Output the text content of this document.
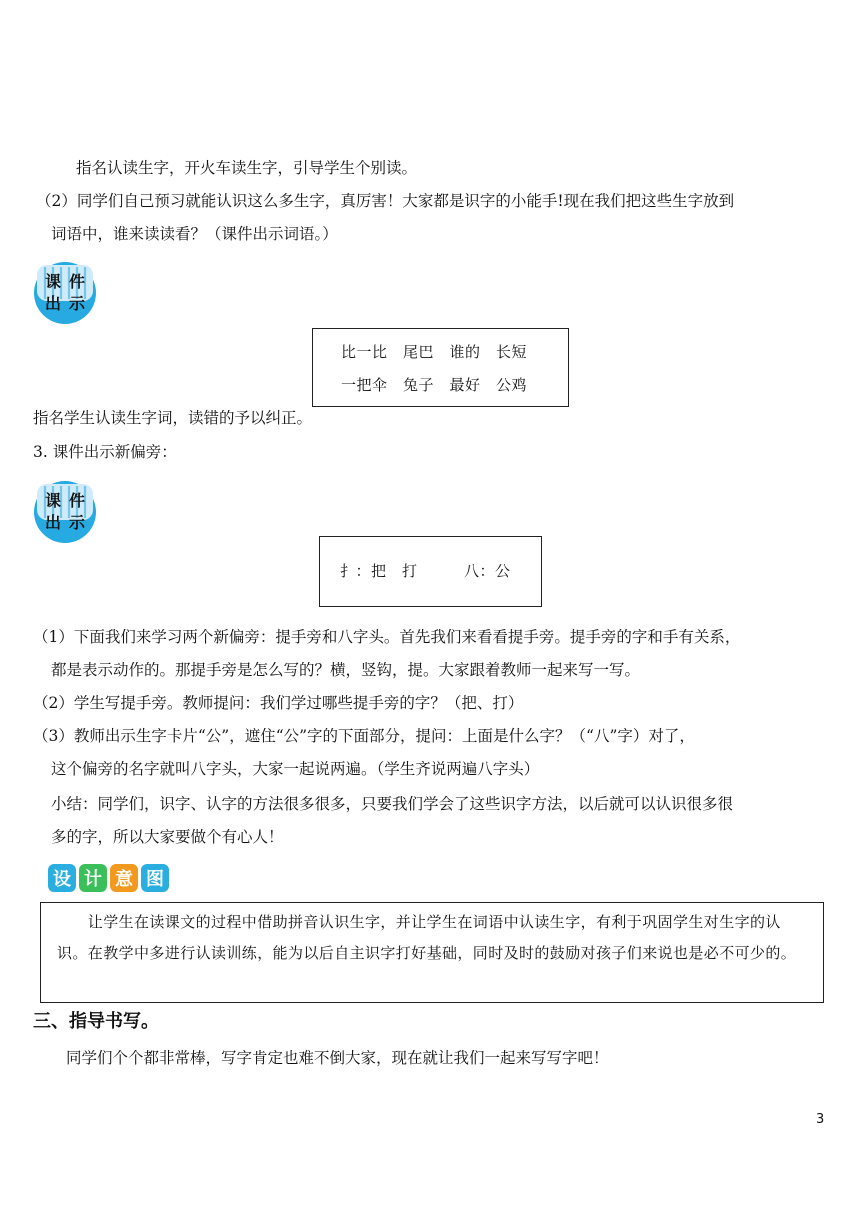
指名认读生字，开火车读生字，引导学生个别读。
（2）同学们自己预习就能认识这么多生字，真厉害！大家都是识字的小能手!现在我们把这些生字放到
词语中，谁来读读看？（课件出示词语。）
课 件
出 示
比一比　尾巴　谁的　长短
一把伞　兔子　最好　公鸡
指名学生认读生字词，读错的予以纠正。
3. 课件出示新偏旁：
课 件
出 示
扌：把　打　　　八：公
（1）下面我们来学习两个新偏旁：提手旁和八字头。首先我们来看看提手旁。提手旁的字和手有关系，
都是表示动作的。那提手旁是怎么写的？横，竖钩，提。大家跟着教师一起来写一写。
（2）学生写提手旁。教师提问：我们学过哪些提手旁的字？（把、打）
（3）教师出示生字卡片“公”，遮住“公”字的下面部分，提问：上面是什么字？（“八”字）对了，
这个偏旁的名字就叫八字头，大家一起说两遍。（学生齐说两遍八字头）
小结：同学们，识字、认字的方法很多很多，只要我们学会了这些识字方法，以后就可以认识很多很
多的字，所以大家要做个有心人！
设 计 意 图
　　让学生在读课文的过程中借助拼音认识生字，并让学生在词语中认读生字，有利于巩固学生对生字的认识。在教学中多进行认读训练，能为以后自主识字打好基础，同时及时的鼓励对孩子们来说也是必不可少的。
三、指导书写。
同学们个个都非常棒，写字肯定也难不倒大家，现在就让我们一起来写写字吧！
3
